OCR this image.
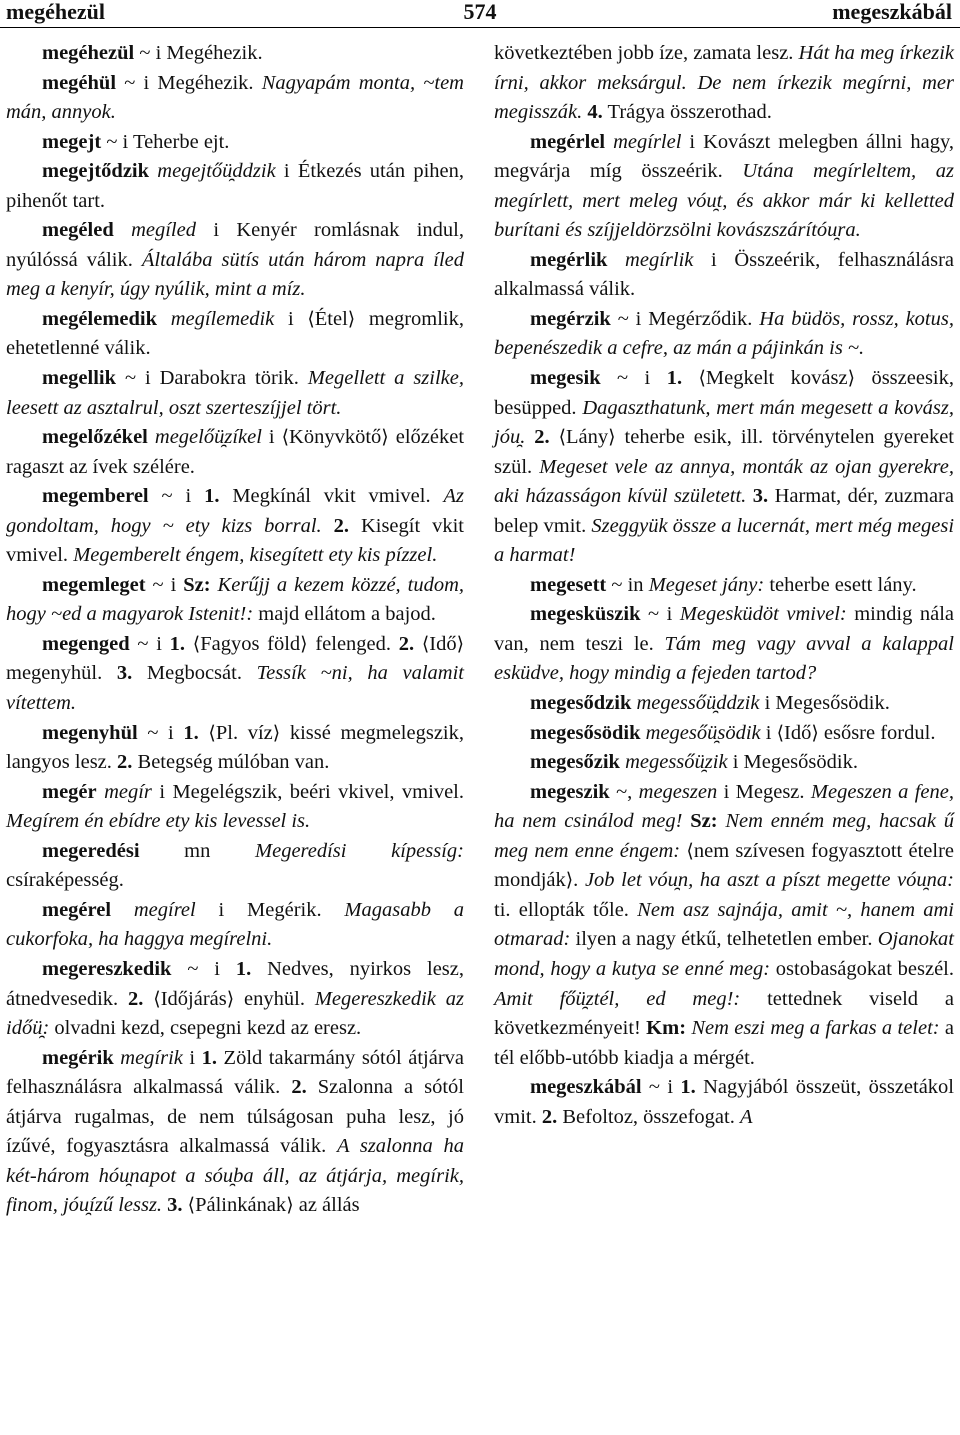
574
megéhezül	megeszkábál

megéhezül ~ i Megéhezik.

megéhül ~ i Megéhezik. Nagyapám monta, ~tem mán, annyok.

megejt ~ i Teherbe ejt.

megejtődzik megejtőü̯ddzik i Étkezés után pihen, pihenőt tart.

megéled megíled i Kenyér romlásnak indul, nyúlóssá válik. Általába sütís után három napra íled meg a kenyír, úgy nyúlik, mint a míz.

megélemedik megílemedik i ⟨Étel⟩ megromlik, ehetetlenné válik.

megellik ~ i Darabokra törik. Megellett a szilke, leesett az asztalrul, oszt szerteszíjjel tört.

megelőzékel megelőü̯zíkel i ⟨Könyvkötő⟩ előzéket ragaszt az ívek szélére.

megemberel ~ i 1. Megkínál vkit vmivel. Az gondoltam, hogy ~ ety kizs borral. 2. Kisegít vkit vmivel. Megemberelt éngem, kisegített ety kis pízzel.

megemleget ~ i Sz: Kerűjj a kezem közzé, tudom, hogy ~ed a magyarok Istenit!: majd ellátom a bajod.

megenged ~ i 1. ⟨Fagyos föld⟩ felenged. 2. ⟨Idő⟩ megenyhül. 3. Megbocsát. Tessík ~ni, ha valamit vítettem.

megenyhül ~ i 1. ⟨Pl. víz⟩ kissé megmelegszik, langyos lesz. 2. Betegség múlóban van.

megér megír i Megelégszik, beéri vkivel, vmivel. Megírem én ebídre ety kis levessel is.

megeredési mn Megeredísi kípessíg: csíraképesség.

megérel megírel i Megérik. Magasabb a cukorfoka, ha haggya megírelni.

megereszkedik ~ i 1. Nedves, nyirkos lesz, átnedvesedik. 2. ⟨Időjárás⟩ enyhül. Megereszkedik az időü̯: olvadni kezd, csepegni kezd az eresz.

megérik megírik i 1. Zöld takarmány sótól átjárva felhasználásra alkalmassá válik. 2. Szalonna a sótól átjárva rugalmas, de nem túlságosan puha lesz, jó ízűvé, fogyasztásra alkalmassá válik. A szalonna ha két-három hóu̯napot a sóu̯ba áll, az átjárja, megírik, finom, jóu̯ízű lessz. 3. ⟨Pálinkának⟩ az állás

következtében jobb íze, zamata lesz. Hát ha meg írkezik írni, akkor meksárgul. De nem írkezik megírni, mer megisszák. 4. Trágya összerothad.

megérlel megírlel i Kovászt melegben állni hagy, megvárja míg összeérik. Utána megírleltem, az megírlett, mert meleg vóu̯t, és akkor már ki kelletted burítani és szíjjeldörzsölni kovászszárítóu̯ra.

megérlik megírlik i Összeérik, felhasználásra alkalmassá válik.

megérzik ~ i Megérződik. Ha büdös, rossz, kotus, bepenészedik a cefre, az mán a pájinkán is ~.

megesik ~ i 1. ⟨Megkelt kovász⟩ összeesik, besüpped. Dagaszthatunk, mert mán megesett a kovász, jóu̯. 2. ⟨Lány⟩ teherbe esik, ill. törvénytelen gyereket szül. Megeset vele az annya, monták az ojan gyerekre, aki házasságon kívül született. 3. Harmat, dér, zuzmara belep vmit. Szeggyük össze a lucernát, mert még megesi a harmat!

megesett ~ in Megeset jány: teherbe esett lány.

megesküszik ~ i Megesküdöt vmivel: mindig nála van, nem teszi le. Tám meg vagy avval a kalappal esküdve, hogy mindig a fejeden tartod?

megesődzik megessőü̯ddzik i Megesősödik.

megesősödik megesőü̯södik i ⟨Idő⟩ esősre fordul.

megesőzik megessőü̯zik i Megesősödik.

megeszik ~, megeszen i Megesz. Megeszen a fene, ha nem csinálod meg! Sz: Nem enném meg, hacsak ű meg nem enne éngem: ⟨nem szívesen fogyasztott ételre mondják⟩. Job let vóu̯n, ha aszt a píszt megette vóu̯na: ti. ellopták tőle. Nem asz sajnája, amit ~, hanem ami otmarad: ilyen a nagy étkű, telhetetlen ember. Ojanokat mond, hogy a kutya se enné meg: ostobaságokat beszél. Amit főü̯ztél, ed meg!: tettednek viseld a következményeit! Km: Nem eszi meg a farkas a telet: a tél előbb-utóbb kiadja a mérgét.

megeszkábál ~ i 1. Nagyjából összeüt, összetákol vmit. 2. Befoltoz, összefogat. A
